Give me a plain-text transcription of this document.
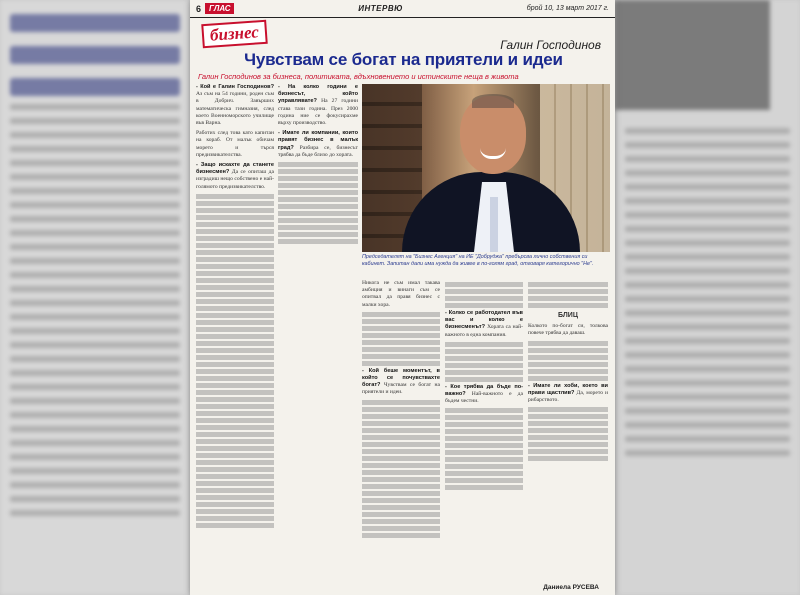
6	ГЛАС	ИНТЕРВЮ	брой 10, 13 март 2017 г.
бизнес
Галин Господинов
Чувствам се богат на приятели и идеи
Галин Господинов за бизнеса, политиката, вдъхновението и истинските неща в живота

- Кой е Галин Господинов? Аз съм на 54 години, роден съм в Добрич. Завърших математическа гимназия, след което Военноморското училище във Варна.

Работих след това като капитан на кораб. От малък обичам морето и търся предизвикателства.

- Защо искахте да станете бизнесмен? Да се опиташ да изградиш нещо собствено е най-голямото предизвикателство.

- На колко години е бизнесът, който управлявате? На 27 години става тази година. През 2000 година ние се фокусирахме върху производство.

- Имате ли компании, които правят бизнес в малък град? Разбира се, бизнесът трябва да бъде близо до хората.

Председателят на "Бизнес Агенция" на ИЕ "Добруджа" пребърсва лично собствения си кабинет. Запитан дали има нужда да живее в по-голям град, отговаря категорично "Не".

Никога не съм имал такава амбиция и винаги съм се опитвал да правя бизнес с малки хора.

- Кой беше моментът, в който се почувствахте богат? Чувствам се богат на приятели и идеи.

- Колко се работодател във вас и колко е бизнесменът? Хората са най-важното в една компания.

- Кое трябва да бъде по-важно? Най-важното е да бъдем честни.

БЛИЦ

Колкото по-богат си, толкова повече трябва да даваш.

- Имате ли хоби, което ви прави щастлив? Да, морето и рибарството.

Даниела РУСЕВА
